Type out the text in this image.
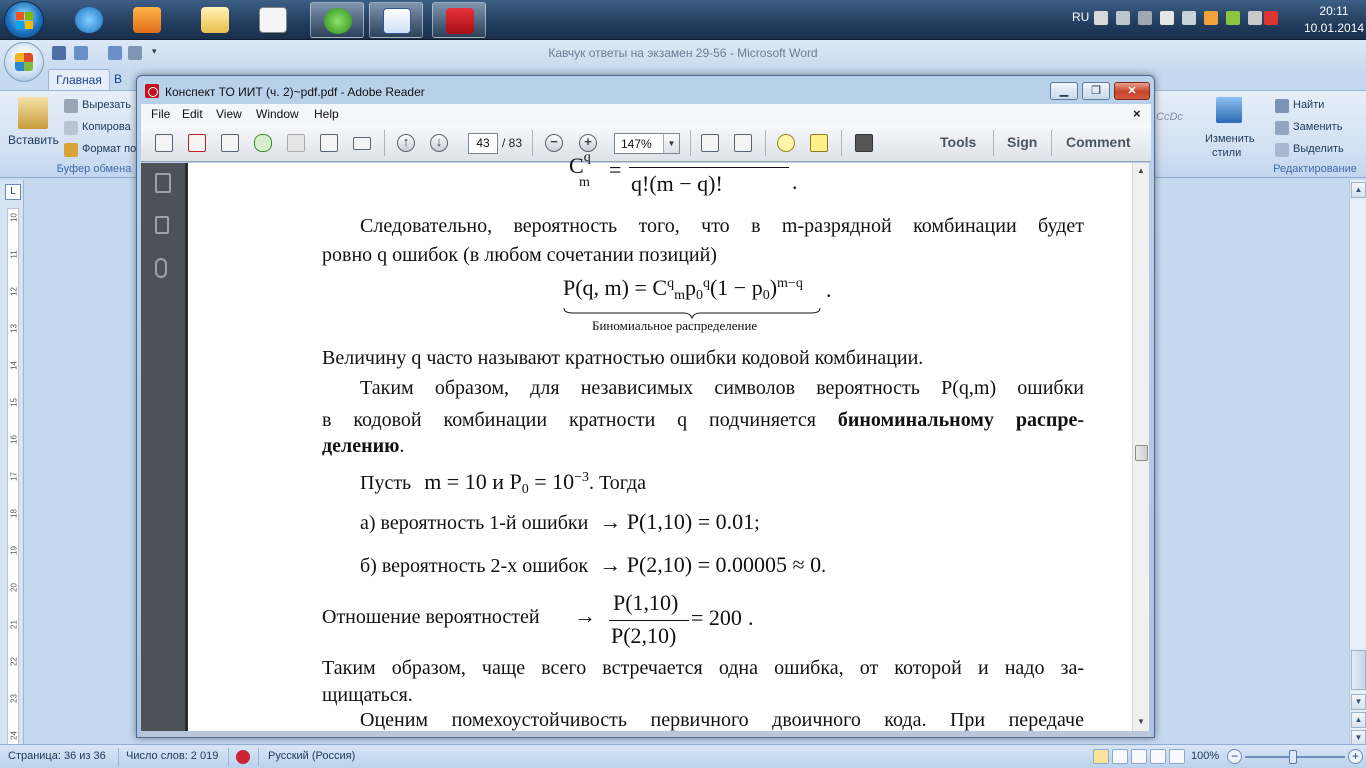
RU	20:11
10.01.2014
▾	Кавчук ответы на экзамен 29-56 - Microsoft Word
Главная	В
Вставить
Вырезать
Копирова
Формат по
Буфер обмена
CcDc
Изменить
стили
Найти
Заменить
Выделить
Редактирование
L
10
11
12
13
14
15
16
17
18
19
20
21
22
23
24
▲
▼
▲
▼
Страница: 36 из 36 Число слов: 2 019	Русский (Россия)	100% −	+
Конспект ТО ИИТ (ч. 2)~pdf.pdf - Adobe Reader	▁	❐	✕
File Edit View Window Help	×
↑	↓	43	/ 83	−	+	147%	▼	Tools Sign Comment
$C^q$
m
=
q!(m − q)!	.
Следовательно, вероятность того, что в m-разрядной комбинации будет
ровно q ошибок (в любом сочетании позиций)
P(q, $m) = C^q_mp_0^q(1 - p_0)^{m-q}$ .
Биномиальное распределение
Величину q часто называют кратностью ошибки кодовой комбинации.
Таким образом, для независимых символов вероятность P(q,m) ошибки
в кодовой комбинации кратности q подчиняется биноминальному распре-
делению.
Пусть m = 10 и $P_0 = 10^{-3}$. Тогда
а) вероятность 1-й ошибки → P(1,10) = 0.01;
б) вероятность 2-х ошибок → P(2,10) = 0.00005 ≈ 0.
Отношение вероятностей →
P(1,10)
P(2,10)
= 200 .
Таким образом, чаще всего встречается одна ошибка, от которой и надо за-
щищаться.
Оценим помехоустойчивость первичного двоичного кода. При передаче
▲
▼
